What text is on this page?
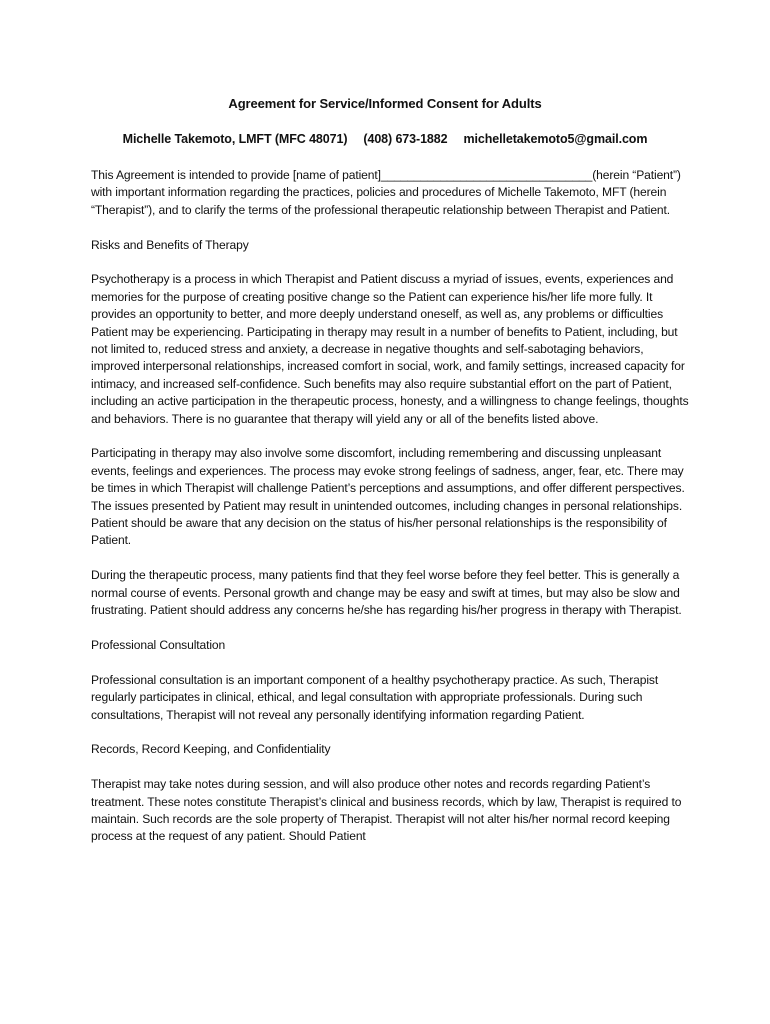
Agreement for Service/Informed Consent for Adults
Michelle Takemoto, LMFT (MFC 48071) (408) 673-1882 michelletakemoto5@gmail.com

This Agreement is intended to provide [name of patient]________________________________(herein “Patient”) with important information regarding the practices, policies and procedures of Michelle Takemoto, MFT (herein “Therapist”), and to clarify the terms of the professional therapeutic relationship between Therapist and Patient.

Risks and Benefits of Therapy

Psychotherapy is a process in which Therapist and Patient discuss a myriad of issues, events, experiences and memories for the purpose of creating positive change so the Patient can experience his/her life more fully. It provides an opportunity to better, and more deeply understand oneself, as well as, any problems or difficulties Patient may be experiencing. Participating in therapy may result in a number of benefits to Patient, including, but not limited to, reduced stress and anxiety, a decrease in negative thoughts and self-sabotaging behaviors, improved interpersonal relationships, increased comfort in social, work, and family settings, increased capacity for intimacy, and increased self-confidence. Such benefits may also require substantial effort on the part of Patient, including an active participation in the therapeutic process, honesty, and a willingness to change feelings, thoughts and behaviors. There is no guarantee that therapy will yield any or all of the benefits listed above.

Participating in therapy may also involve some discomfort, including remembering and discussing unpleasant events, feelings and experiences. The process may evoke strong feelings of sadness, anger, fear, etc. There may be times in which Therapist will challenge Patient’s perceptions and assumptions, and offer different perspectives. The issues presented by Patient may result in unintended outcomes, including changes in personal relationships. Patient should be aware that any decision on the status of his/her personal relationships is the responsibility of Patient.

During the therapeutic process, many patients find that they feel worse before they feel better. This is generally a normal course of events. Personal growth and change may be easy and swift at times, but may also be slow and frustrating. Patient should address any concerns he/she has regarding his/her progress in therapy with Therapist.

Professional Consultation

Professional consultation is an important component of a healthy psychotherapy practice. As such, Therapist regularly participates in clinical, ethical, and legal consultation with appropriate professionals. During such consultations, Therapist will not reveal any personally identifying information regarding Patient.

Records, Record Keeping, and Confidentiality

Therapist may take notes during session, and will also produce other notes and records regarding Patient’s treatment. These notes constitute Therapist’s clinical and business records, which by law, Therapist is required to maintain. Such records are the sole property of Therapist. Therapist will not alter his/her normal record keeping process at the request of any patient. Should Patient
